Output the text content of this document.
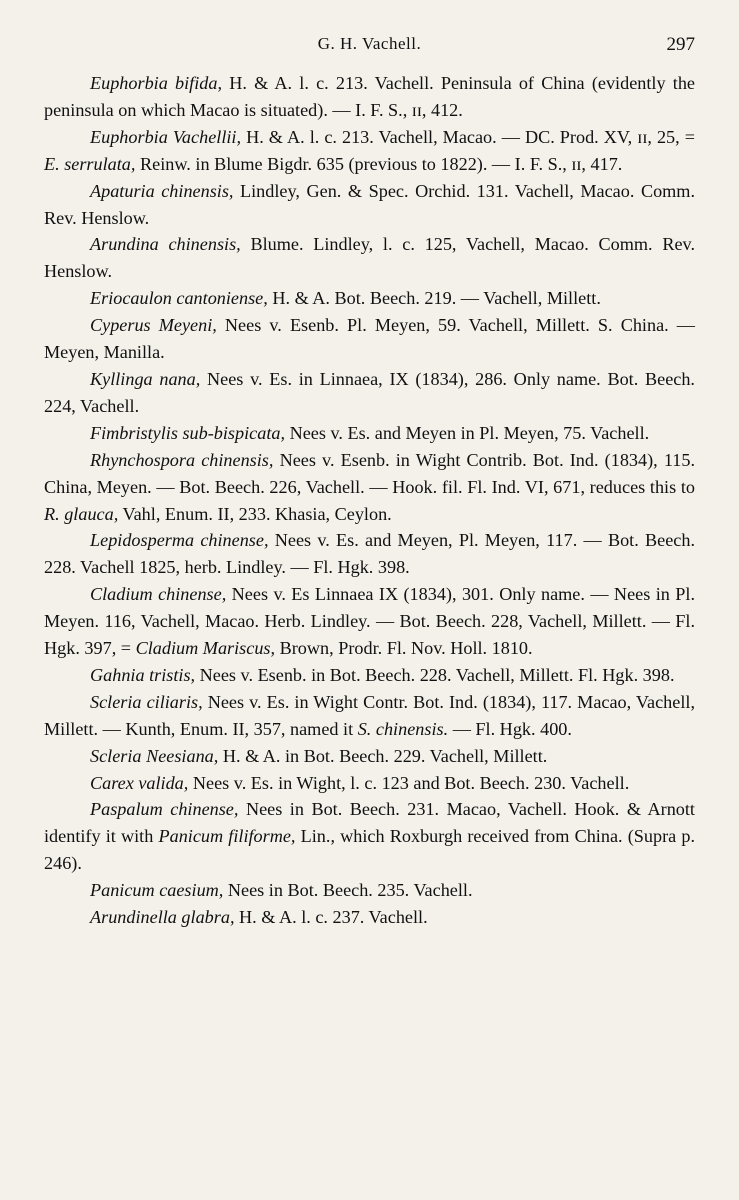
G. H. Vachell.	297

Euphorbia bifida, H. & A. l. c. 213. Vachell. Peninsula of China (evidently the peninsula on which Macao is situated). — I. F. S., ɪɪ, 412.

Euphorbia Vachellii, H. & A. l. c. 213. Vachell, Macao. — DC. Prod. XV, ɪɪ, 25, = E. serrulata, Reinw. in Blume Bigdr. 635 (previous to 1822). — I. F. S., ɪɪ, 417.

Apaturia chinensis, Lindley, Gen. & Spec. Orchid. 131. Vachell, Macao. Comm. Rev. Henslow.

Arundina chinensis, Blume. Lindley, l. c. 125, Vachell, Macao. Comm. Rev. Henslow.

Eriocaulon cantoniense, H. & A. Bot. Beech. 219. — Vachell, Millett.

Cyperus Meyeni, Nees v. Esenb. Pl. Meyen, 59. Vachell, Millett. S. China. — Meyen, Manilla.

Kyllinga nana, Nees v. Es. in Linnaea, IX (1834), 286. Only name. Bot. Beech. 224, Vachell.

Fimbristylis sub-bispicata, Nees v. Es. and Meyen in Pl. Meyen, 75. Vachell.

Rhynchospora chinensis, Nees v. Esenb. in Wight Contrib. Bot. Ind. (1834), 115. China, Meyen. — Bot. Beech. 226, Vachell. — Hook. fil. Fl. Ind. VI, 671, reduces this to R. glauca, Vahl, Enum. II, 233. Khasia, Ceylon.

Lepidosperma chinense, Nees v. Es. and Meyen, Pl. Meyen, 117. — Bot. Beech. 228. Vachell 1825, herb. Lindley. — Fl. Hgk. 398.

Cladium chinense, Nees v. Es Linnaea IX (1834), 301. Only name. — Nees in Pl. Meyen. 116, Vachell, Macao. Herb. Lindley. — Bot. Beech. 228, Vachell, Millett. — Fl. Hgk. 397, = Cladium Mariscus, Brown, Prodr. Fl. Nov. Holl. 1810.

Gahnia tristis, Nees v. Esenb. in Bot. Beech. 228. Vachell, Millett. Fl. Hgk. 398.

Scleria ciliaris, Nees v. Es. in Wight Contr. Bot. Ind. (1834), 117. Macao, Vachell, Millett. — Kunth, Enum. II, 357, named it S. chinensis. — Fl. Hgk. 400.

Scleria Neesiana, H. & A. in Bot. Beech. 229. Vachell, Millett.

Carex valida, Nees v. Es. in Wight, l. c. 123 and Bot. Beech. 230. Vachell.

Paspalum chinense, Nees in Bot. Beech. 231. Macao, Vachell. Hook. & Arnott identify it with Panicum filiforme, Lin., which Roxburgh received from China. (Supra p. 246).

Panicum caesium, Nees in Bot. Beech. 235. Vachell.

Arundinella glabra, H. & A. l. c. 237. Vachell.
